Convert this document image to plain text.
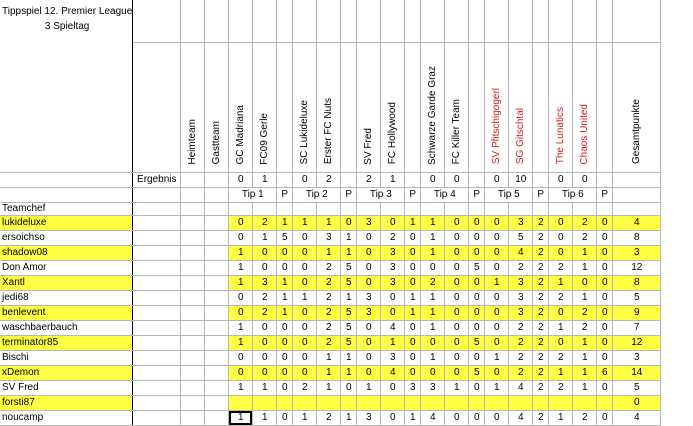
Tippspiel 12. Premier League
3 Spieltag																						
		Heimteam	Gastteam	GC Madriana	FC09 Gerle		SC Lukideluxe	Erster FC Nuts		SV Fred	FC Hollywood		Schwarze Garde Graz	FC Killer Team		SV Pfitschigogerl	SG Gitschtal		The Lunatics	Chaos United		Gesamtpunkte
	Ergebnis			0	1		0	2		2	1		0	0		0	10		0	0		
				Tip 1		P	Tip 2		P	Tip 3		P	Tip 4		P	Tip 5		P	Tip 6		P	
Teamchef																						
lukideluxe				0	2	1	1	1	0	3	0	1	1	0	0	0	3	2	0	2	0	4
ersoichso				0	1	5	0	3	1	0	2	0	1	0	0	0	5	2	0	2	0	8
shadow08				1	0	0	0	1	1	0	3	0	1	0	0	0	4	2	0	1	0	3
Don Amor				1	0	0	0	2	5	0	3	0	0	0	5	0	2	2	2	1	0	12
Xantl				1	3	1	0	2	5	0	3	0	2	0	0	1	3	2	1	0	0	8
jedi68				0	2	1	1	2	1	3	0	1	1	0	0	0	3	2	2	1	0	5
benlevent				0	2	1	0	2	5	3	0	1	1	0	0	0	3	2	0	2	0	9
waschbaerbauch				1	0	0	0	2	5	0	4	0	1	0	0	0	2	2	1	2	0	7
terminator85				1	0	0	0	2	5	0	1	0	0	0	5	0	2	2	0	1	0	12
Bischi				0	0	0	0	1	1	0	3	0	1	0	0	1	2	2	2	1	0	3
xDemon				0	0	0	0	1	1	0	4	0	0	0	5	0	2	2	1	1	6	14
SV Fred				1	1	0	2	1	0	1	0	3	3	1	0	1	4	2	2	1	0	5
forsti87																						0
noucamp				1	1	0	1	2	1	3	0	1	4	0	0	0	4	2	1	2	0	4
